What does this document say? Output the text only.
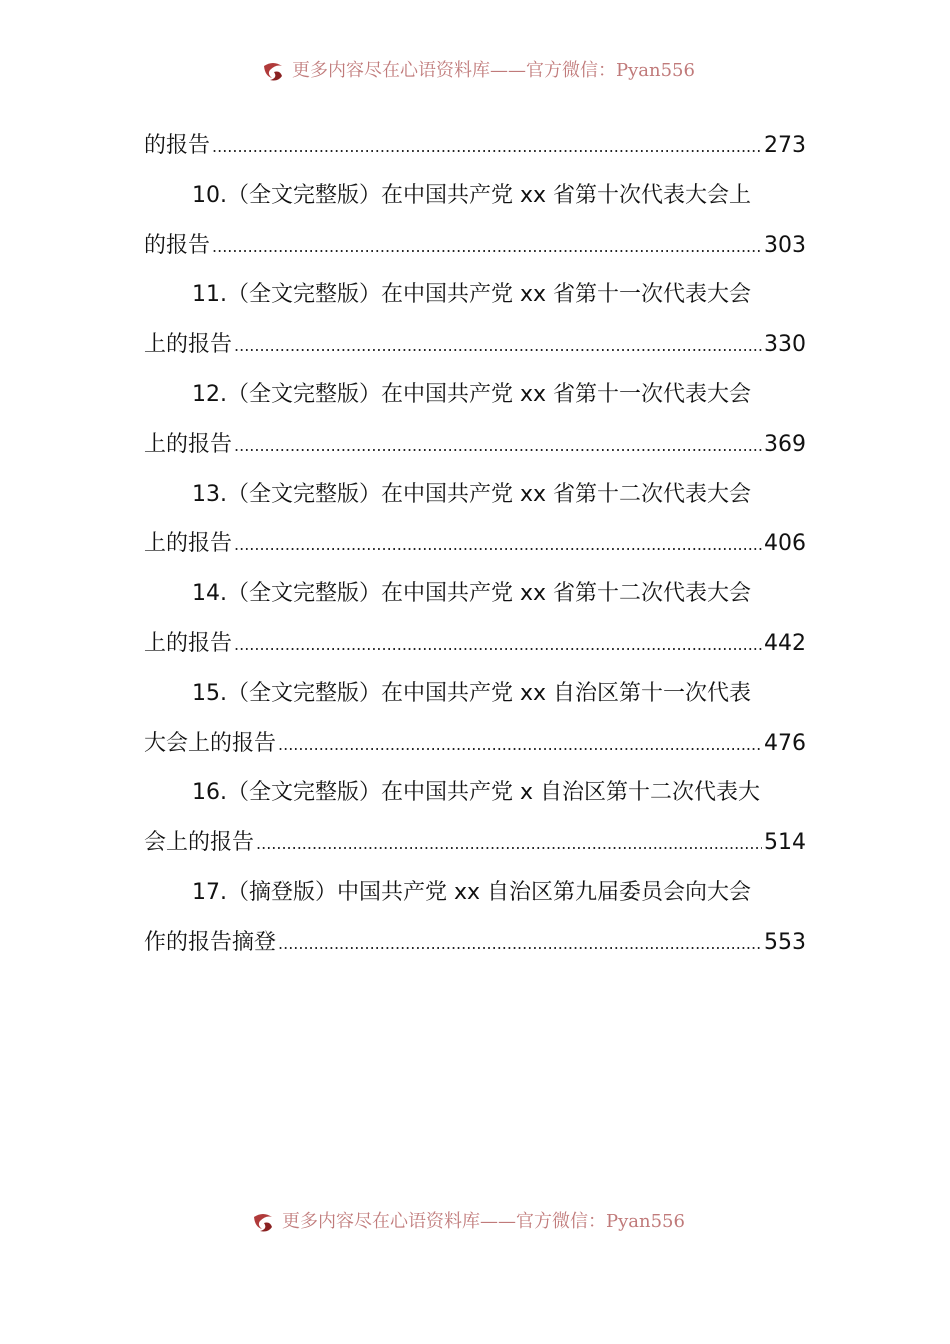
更多内容尽在心语资料库——官方微信：Pyan556
的报告 .....	273
10.（全文完整版）在中国共产党 xx 省第十次代表大会上
的报告 .....	303
11.（全文完整版）在中国共产党 xx 省第十一次代表大会
上的报告 .....	330
12.（全文完整版）在中国共产党 xx 省第十一次代表大会
上的报告 .....	369
13.（全文完整版）在中国共产党 xx 省第十二次代表大会
上的报告 .....	406
14.（全文完整版）在中国共产党 xx 省第十二次代表大会
上的报告 .....	442
15.（全文完整版）在中国共产党 xx 自治区第十一次代表
大会上的报告 .....	476
16.（全文完整版）在中国共产党 x 自治区第十二次代表大
会上的报告 .....	514
17.（摘登版）中国共产党 xx 自治区第九届委员会向大会
作的报告摘登 .....	553
更多内容尽在心语资料库——官方微信：Pyan556
